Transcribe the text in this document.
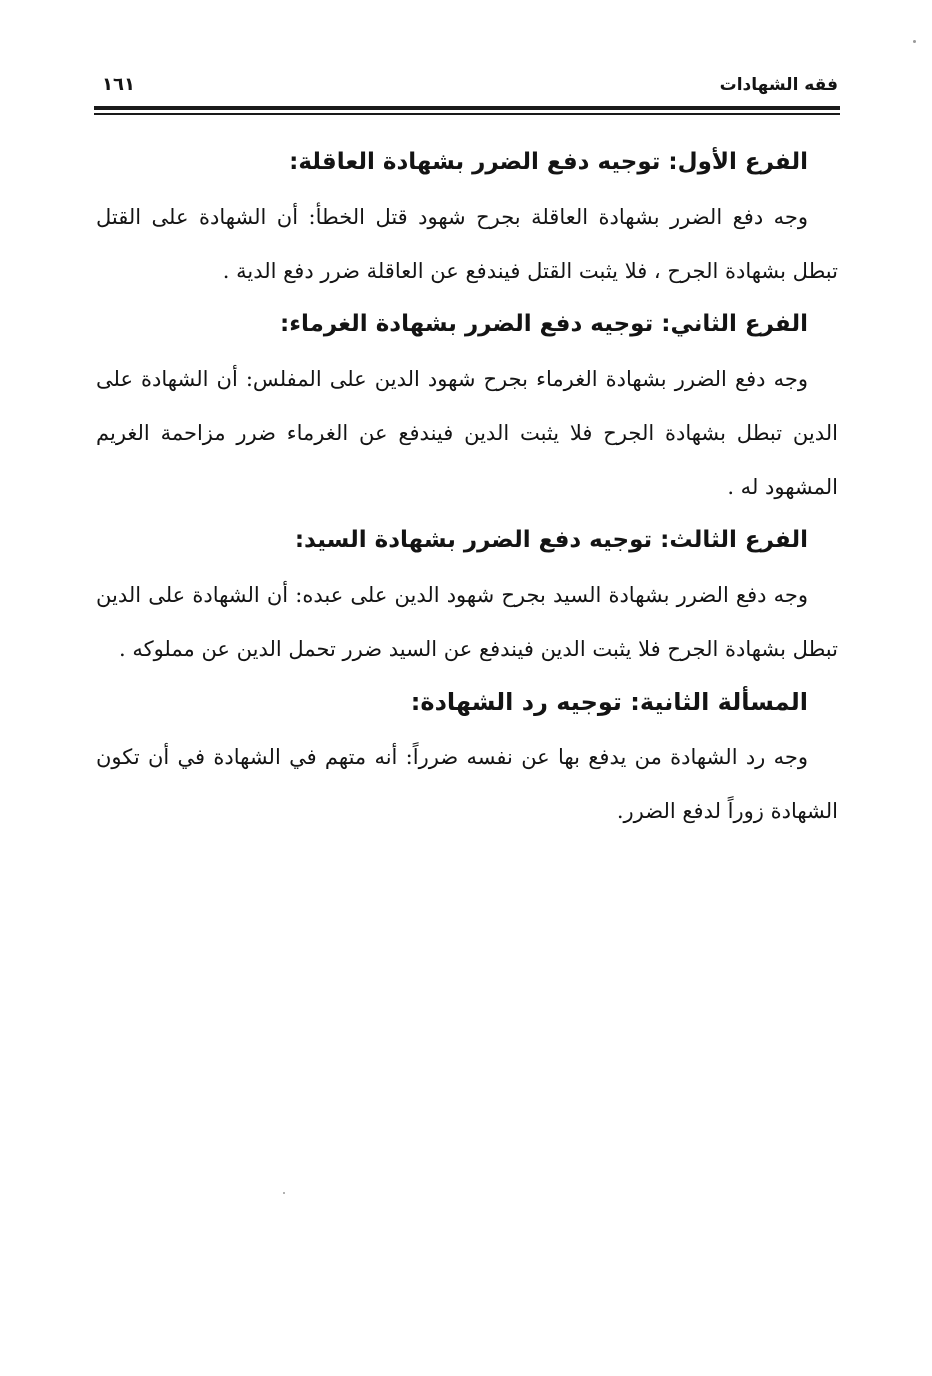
فقه الشهادات
١٦١
الفرع الأول: توجيه دفع الضرر بشهادة العاقلة:

وجه دفع الضرر بشهادة العاقلة بجرح شهود قتل الخطأ: أن الشهادة على القتل تبطل بشهادة الجرح ، فلا يثبت القتل فيندفع عن العاقلة ضرر دفع الدية .

الفرع الثاني: توجيه دفع الضرر بشهادة الغرماء:

وجه دفع الضرر بشهادة الغرماء بجرح شهود الدين على المفلس: أن الشهادة على الدين تبطل بشهادة الجرح فلا يثبت الدين فيندفع عن الغرماء ضرر مزاحمة الغريم المشهود له .

الفرع الثالث: توجيه دفع الضرر بشهادة السيد:

وجه دفع الضرر بشهادة السيد بجرح شهود الدين على عبده: أن الشهادة على الدين تبطل بشهادة الجرح فلا يثبت الدين فيندفع عن السيد ضرر تحمل الدين عن مملوكه .

المسألة الثانية: توجيه رد الشهادة:

وجه رد الشهادة من يدفع بها عن نفسه ضرراً: أنه متهم في الشهادة في أن تكون الشهادة زوراً لدفع الضرر.
